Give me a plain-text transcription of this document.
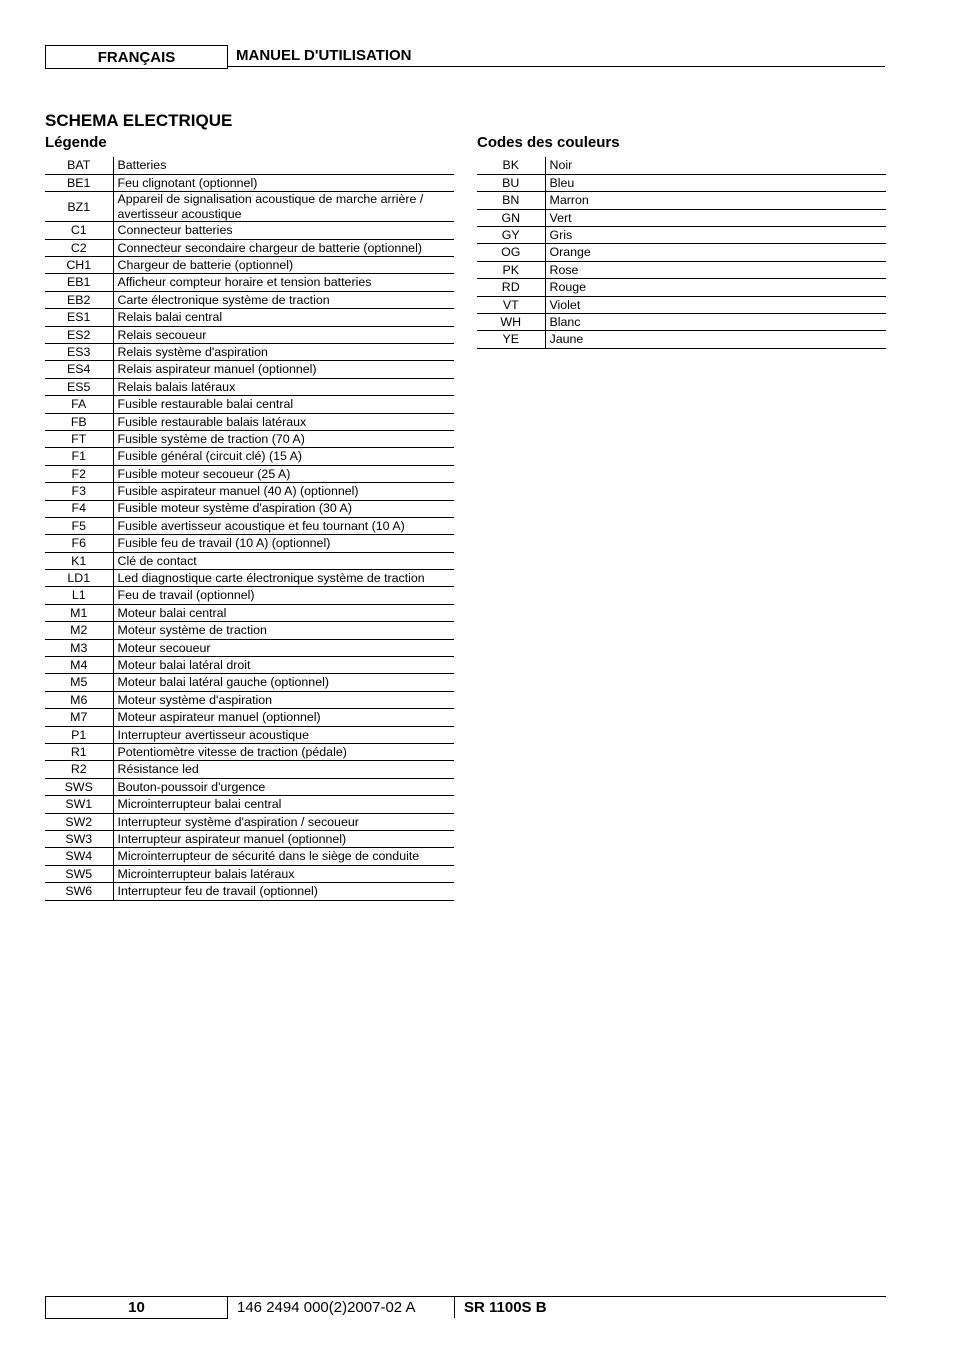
FRANÇAIS	MANUEL D'UTILISATION
SCHEMA ELECTRIQUE
Légende	Codes des couleurs
BAT	Batteries
BE1	Feu clignotant (optionnel)
BZ1	Appareil de signalisation acoustique de marche arrière / avertisseur acoustique
C1	Connecteur batteries
C2	Connecteur secondaire chargeur de batterie (optionnel)
CH1	Chargeur de batterie (optionnel)
EB1	Afficheur compteur horaire et tension batteries
EB2	Carte électronique système de traction
ES1	Relais balai central
ES2	Relais secoueur
ES3	Relais système d'aspiration
ES4	Relais aspirateur manuel (optionnel)
ES5	Relais balais latéraux
FA	Fusible restaurable balai central
FB	Fusible restaurable balais latéraux
FT	Fusible système de traction (70 A)
F1	Fusible général (circuit clé) (15 A)
F2	Fusible moteur secoueur (25 A)
F3	Fusible aspirateur manuel (40 A) (optionnel)
F4	Fusible moteur système d'aspiration (30 A)
F5	Fusible avertisseur acoustique et feu tournant (10 A)
F6	Fusible feu de travail (10 A) (optionnel)
K1	Clé de contact
LD1	Led diagnostique carte électronique système de traction
L1	Feu de travail (optionnel)
M1	Moteur balai central
M2	Moteur système de traction
M3	Moteur secoueur
M4	Moteur balai latéral droit
M5	Moteur balai latéral gauche (optionnel)
M6	Moteur système d'aspiration
M7	Moteur aspirateur manuel (optionnel)
P1	Interrupteur avertisseur acoustique
R1	Potentiomètre vitesse de traction (pédale)
R2	Résistance led
SWS	Bouton-poussoir d'urgence
SW1	Microinterrupteur balai central
SW2	Interrupteur système d'aspiration / secoueur
SW3	Interrupteur aspirateur manuel (optionnel)
SW4	Microinterrupteur de sécurité dans le siège de conduite
SW5	Microinterrupteur balais latéraux
SW6	Interrupteur feu de travail (optionnel)
BK	Noir
BU	Bleu
BN	Marron
GN	Vert
GY	Gris
OG	Orange
PK	Rose
RD	Rouge
VT	Violet
WH	Blanc
YE	Jaune
10	146 2494 000(2)2007-02 A	SR 1100S B
